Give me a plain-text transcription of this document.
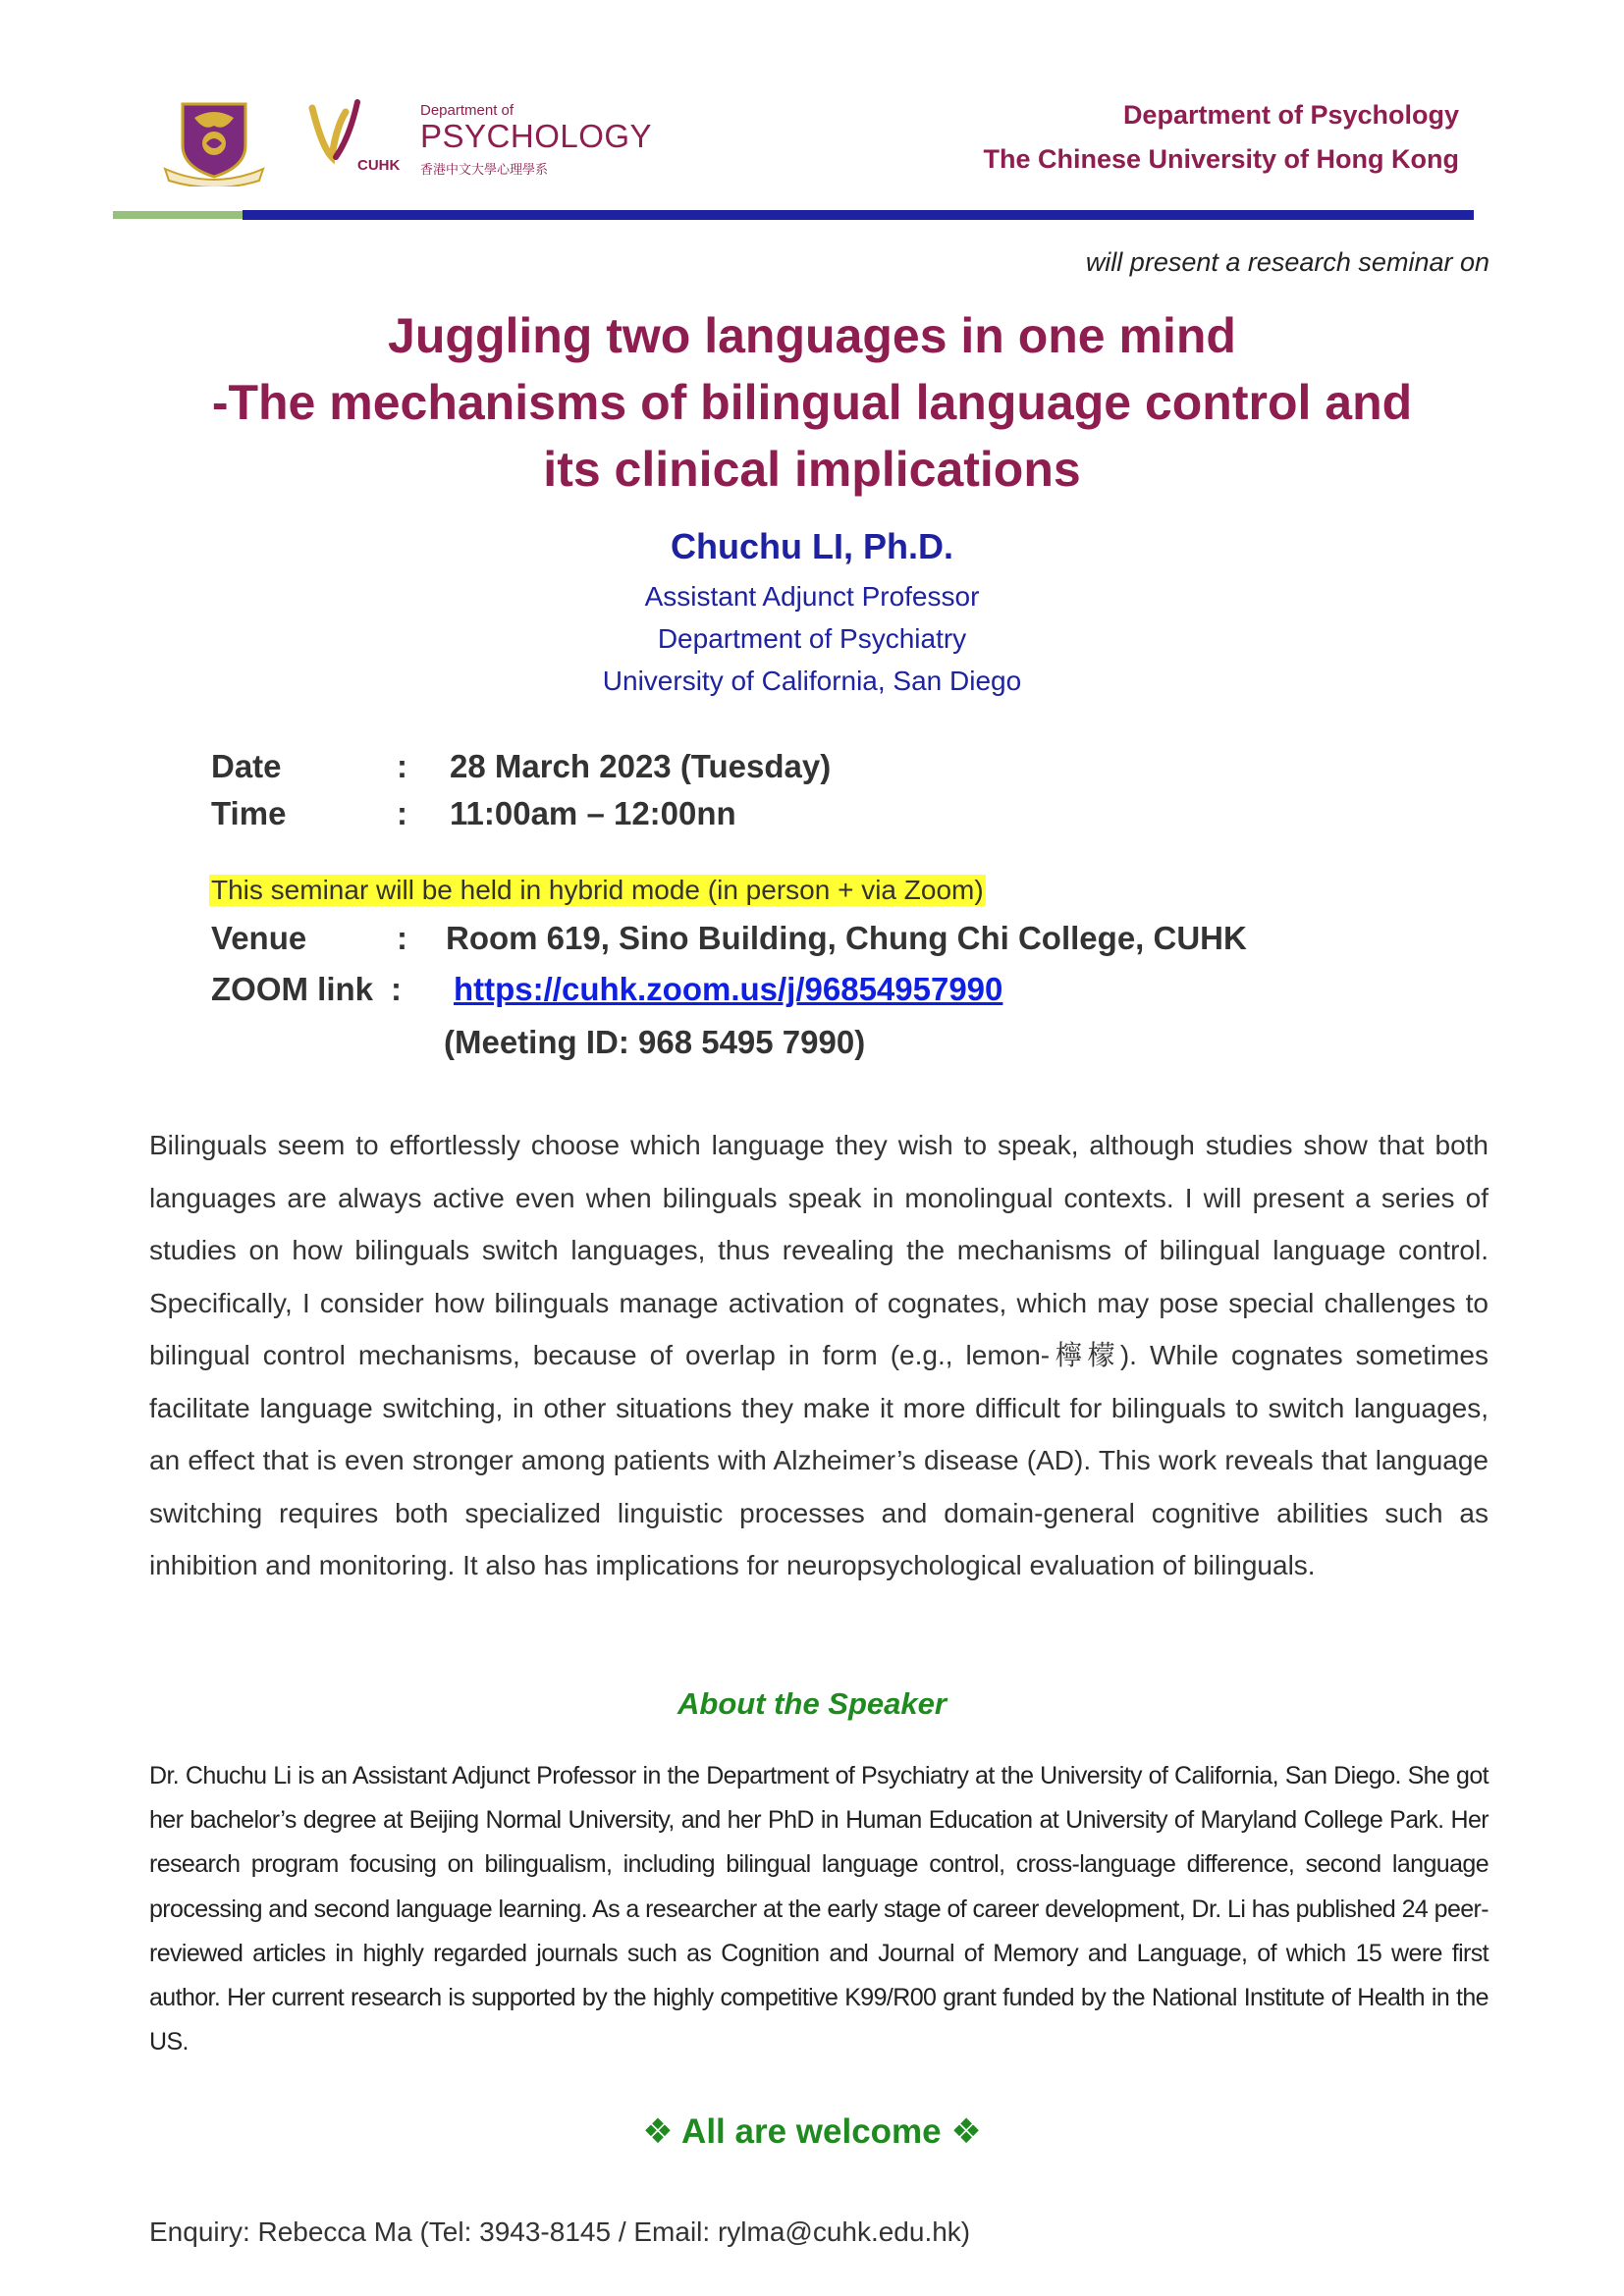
Department of
PSYCHOLOGY
CUHK 香港中文大學心理學系
Department of Psychology
The Chinese University of Hong Kong
will present a research seminar on
Juggling two languages in one mind
-The mechanisms of bilingual language control and
its clinical implications
Chuchu LI, Ph.D.
Assistant Adjunct Professor
Department of Psychiatry
University of California, San Diego
Date	: 28 March 2023 (Tuesday)
Time	: 11:00am – 12:00nn
This seminar will be held in hybrid mode (in person + via Zoom)
Venue	: Room 619, Sino Building, Chung Chi College, CUHK
ZOOM link : https://cuhk.zoom.us/j/96854957990
(Meeting ID: 968 5495 7990)
Bilinguals seem to effortlessly choose which language they wish to speak, although studies show that both languages are always active even when bilinguals speak in monolingual contexts. I will present a series of studies on how bilinguals switch languages, thus revealing the mechanisms of bilingual language control. Specifically, I consider how bilinguals manage activation of cognates, which may pose special challenges to bilingual control mechanisms, because of overlap in form (e.g., lemon-檸檬). While cognates sometimes facilitate language switching, in other situations they make it more difficult for bilinguals to switch languages, an effect that is even stronger among patients with Alzheimer’s disease (AD). This work reveals that language switching requires both specialized linguistic processes and domain-general cognitive abilities such as inhibition and monitoring. It also has implications for neuropsychological evaluation of bilinguals.
About the Speaker
Dr. Chuchu Li is an Assistant Adjunct Professor in the Department of Psychiatry at the University of California, San Diego. She got her bachelor’s degree at Beijing Normal University, and her PhD in Human Education at University of Maryland College Park. Her research program focusing on bilingualism, including bilingual language control, cross-language difference, second language processing and second language learning. As a researcher at the early stage of career development, Dr. Li has published 24 peer-reviewed articles in highly regarded journals such as Cognition and Journal of Memory and Language, of which 15 were first author. Her current research is supported by the highly competitive K99/R00 grant funded by the National Institute of Health in the US.
❖ All are welcome ❖
Enquiry: Rebecca Ma (Tel: 3943-8145 / Email: rylma@cuhk.edu.hk)
